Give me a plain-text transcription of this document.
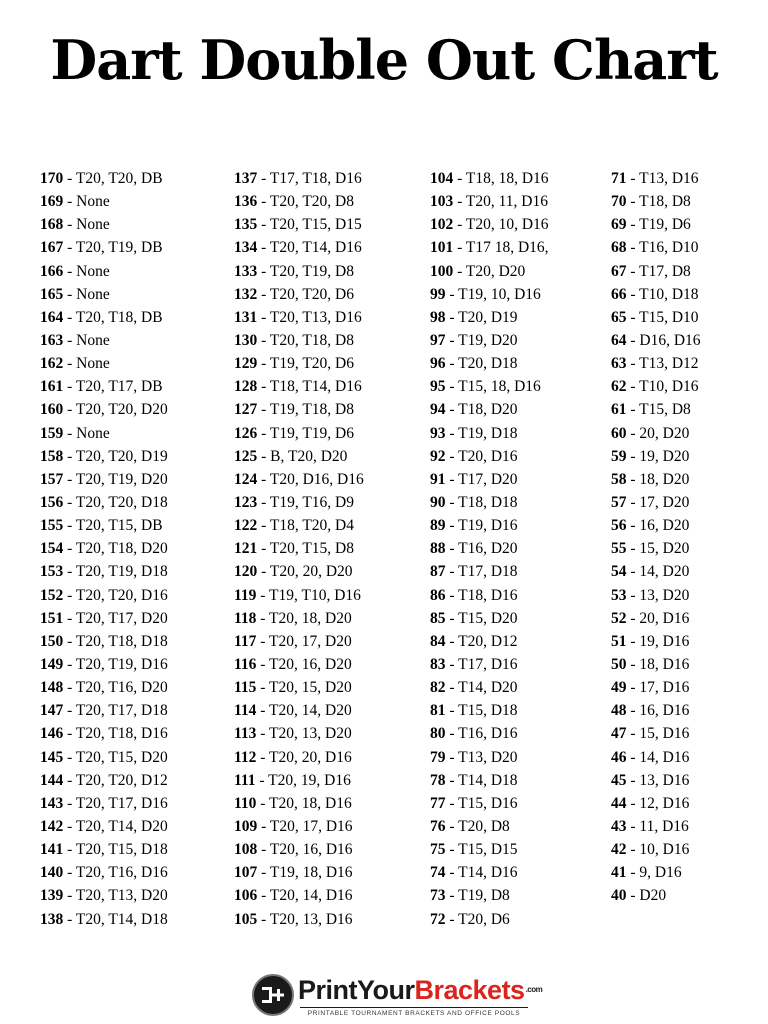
Dart Double Out Chart
170 - T20, T20, DB
169 - None
168 - None
167 - T20, T19, DB
166 - None
165 - None
164 - T20, T18, DB
163 - None
162 - None
161 - T20, T17, DB
160 - T20, T20, D20
159 - None
158 - T20, T20, D19
157 - T20, T19, D20
156 - T20, T20, D18
155 - T20, T15, DB
154 - T20, T18, D20
153 - T20, T19, D18
152 - T20, T20, D16
151 - T20, T17, D20
150 - T20, T18, D18
149 - T20, T19, D16
148 - T20, T16, D20
147 - T20, T17, D18
146 - T20, T18, D16
145 - T20, T15, D20
144 - T20, T20, D12
143 - T20, T17, D16
142 - T20, T14, D20
141 - T20, T15, D18
140 - T20, T16, D16
139 - T20, T13, D20
138 - T20, T14, D18
137 - T17, T18, D16
136 - T20, T20, D8
135 - T20, T15, D15
134 - T20, T14, D16
133 - T20, T19, D8
132 - T20, T20, D6
131 - T20, T13, D16
130 - T20, T18, D8
129 - T19, T20, D6
128 - T18, T14, D16
127 - T19, T18, D8
126 - T19, T19, D6
125 - B, T20, D20
124 - T20, D16, D16
123 - T19, T16, D9
122 - T18, T20, D4
121 - T20, T15, D8
120 - T20, 20, D20
119 - T19, T10, D16
118 - T20, 18, D20
117 - T20, 17, D20
116 - T20, 16, D20
115 - T20, 15, D20
114 - T20, 14, D20
113 - T20, 13, D20
112 - T20, 20, D16
111 - T20, 19, D16
110 - T20, 18, D16
109 - T20, 17, D16
108 - T20, 16, D16
107 - T19, 18, D16
106 - T20, 14, D16
105 - T20, 13, D16
104 - T18, 18, D16
103 - T20, 11, D16
102 - T20, 10, D16
101 - T17 18, D16,
100 - T20, D20
99 - T19, 10, D16
98 - T20, D19
97 - T19, D20
96 - T20, D18
95 - T15, 18, D16
94 - T18, D20
93 - T19, D18
92 - T20, D16
91 - T17, D20
90 - T18, D18
89 - T19, D16
88 - T16, D20
87 - T17, D18
86 - T18, D16
85 - T15, D20
84 - T20, D12
83 - T17, D16
82 - T14, D20
81 - T15, D18
80 - T16, D16
79 - T13, D20
78 - T14, D18
77 - T15, D16
76 - T20, D8
75 - T15, D15
74 - T14, D16
73 - T19, D8
72 - T20, D6
71 - T13, D16
70 - T18, D8
69 - T19, D6
68 - T16, D10
67 - T17, D8
66 - T10, D18
65 - T15, D10
64 - D16, D16
63 - T13, D12
62 - T10, D16
61 - T15, D8
60 - 20, D20
59 - 19, D20
58 - 18, D20
57 - 17, D20
56 - 16, D20
55 - 15, D20
54 - 14, D20
53 - 13, D20
52 - 20, D16
51 - 19, D16
50 - 18, D16
49 - 17, D16
48 - 16, D16
47 - 15, D16
46 - 14, D16
45 - 13, D16
44 - 12, D16
43 - 11, D16
42 - 10, D16
41 - 9, D16
40 - D20
PrintYourBrackets$^{.com}$
PRINTABLE TOURNAMENT BRACKETS AND OFFICE POOLS
